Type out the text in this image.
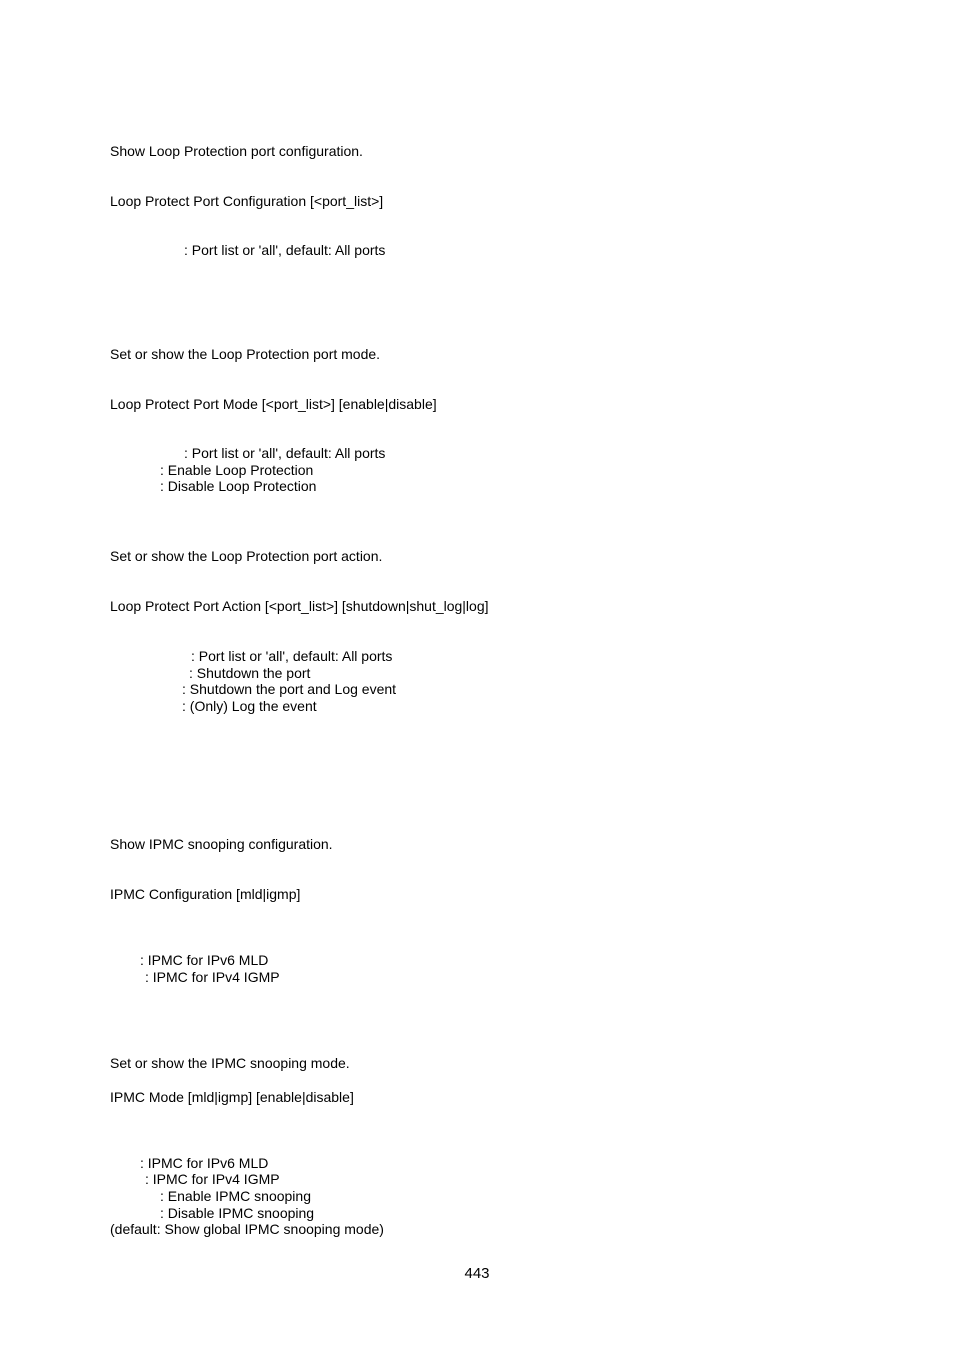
Show Loop Protection port configuration.
Loop Protect Port Configuration [<port_list>]
: Port list or 'all', default: All ports
Set or show the Loop Protection port mode.
Loop Protect Port Mode [<port_list>] [enable|disable]
: Port list or 'all', default: All ports
: Enable Loop Protection
: Disable Loop Protection
Set or show the Loop Protection port action.
Loop Protect Port Action [<port_list>] [shutdown|shut_log|log]
: Port list or 'all', default: All ports
: Shutdown the port
: Shutdown the port and Log event
: (Only) Log the event
Show IPMC snooping configuration.
IPMC Configuration [mld|igmp]
: IPMC for IPv6 MLD
: IPMC for IPv4 IGMP
Set or show the IPMC snooping mode.
IPMC Mode [mld|igmp] [enable|disable]
: IPMC for IPv6 MLD
: IPMC for IPv4 IGMP
: Enable IPMC snooping
: Disable IPMC snooping
(default: Show global IPMC snooping mode)
443
